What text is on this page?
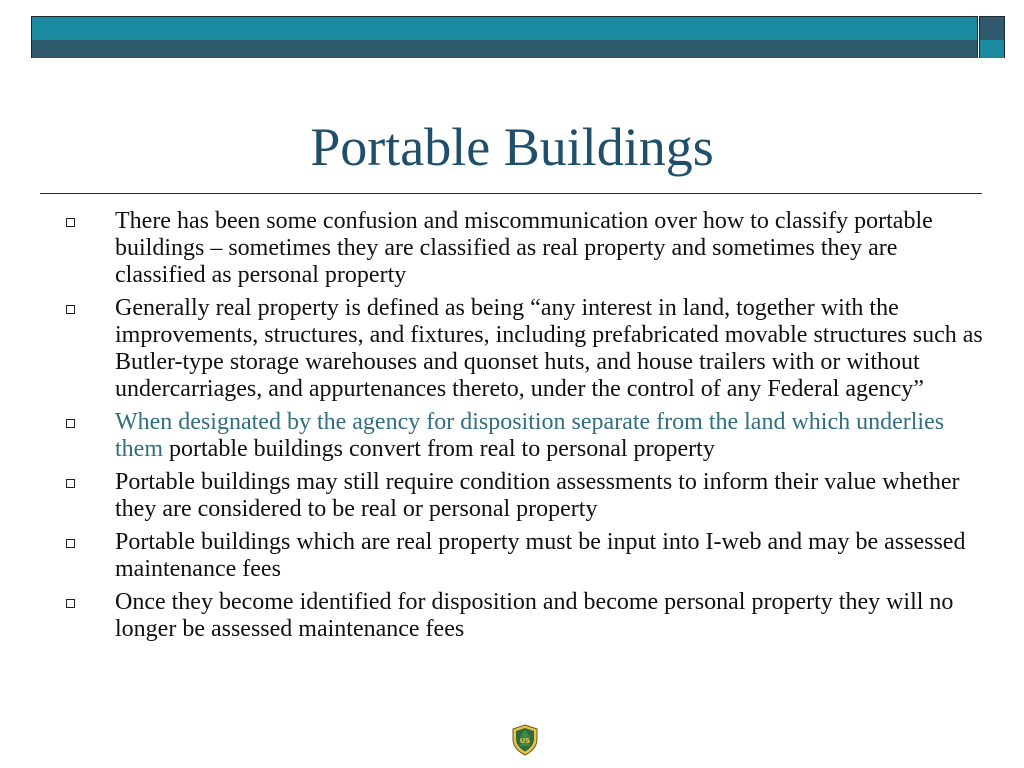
Portable Buildings
There has been some confusion and miscommunication over how to classify portable buildings – sometimes they are classified as real property and sometimes they are classified as personal property
Generally real property is defined as being “any interest in land, together with the improvements, structures, and fixtures, including prefabricated movable structures such as Butler-type storage warehouses and quonset huts, and house trailers with or without undercarriages, and appurtenances thereto, under the control of any Federal agency”
When designated by the agency for disposition separate from the land which underlies them portable buildings convert from real to personal property
Portable buildings may still require condition assessments to inform their value whether they are considered to be real or personal property
Portable buildings which are real property must be input into I-web and may be assessed maintenance fees
Once they become identified for disposition and become personal property they will no longer be assessed maintenance fees
US
